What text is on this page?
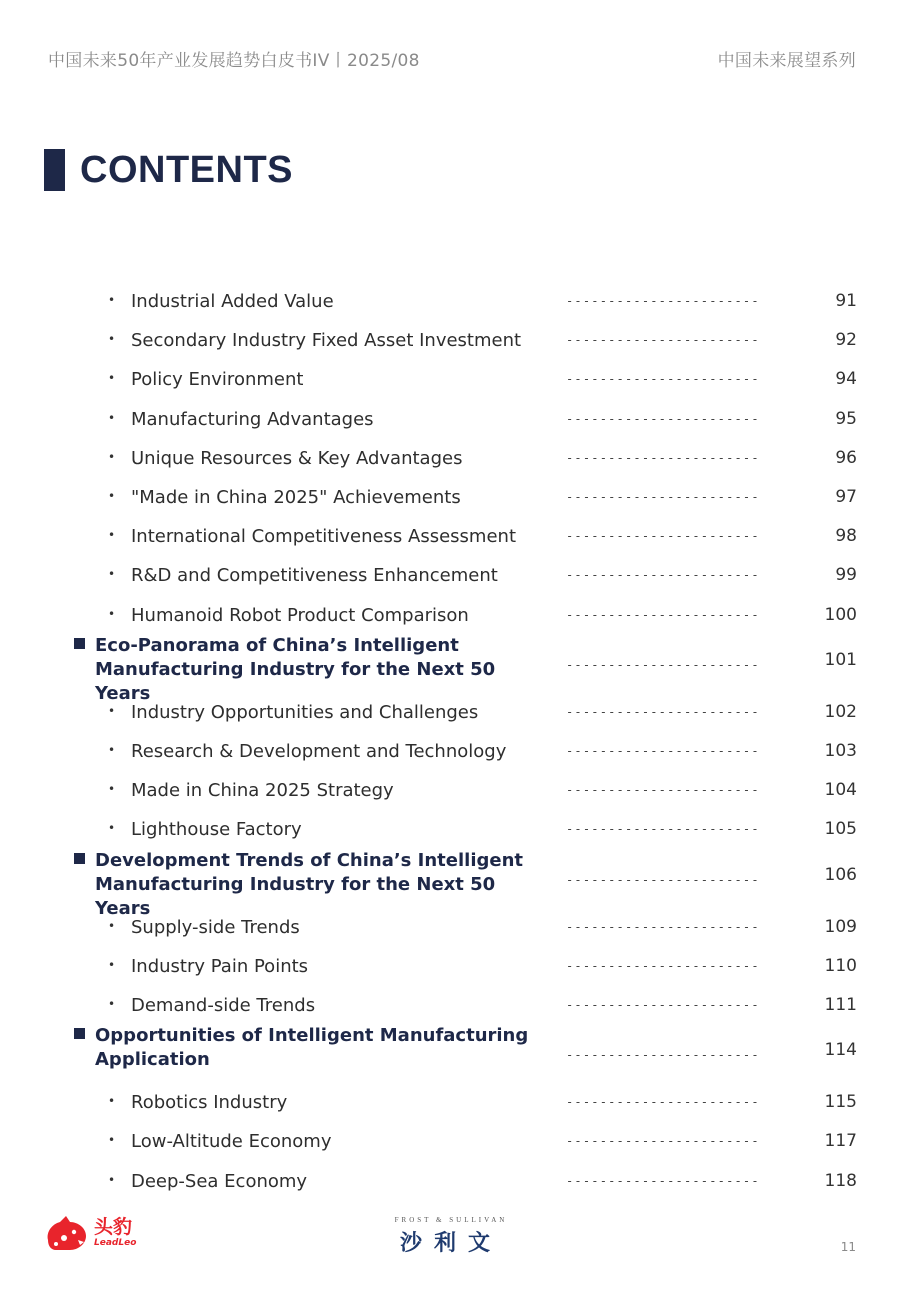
中国未来50年产业发展趋势白皮书IV丨2025/08	中国未来展望系列
CONTENTS
• Industrial Added Value	-----------------------	91
• Secondary Industry Fixed Asset Investment	-----------------------	92
• Policy Environment	-----------------------	94
• Manufacturing Advantages	-----------------------	95
• Unique Resources & Key Advantages	-----------------------	96
• "Made in China 2025" Achievements	-----------------------	97
• International Competitiveness Assessment	-----------------------	98
• R&D and Competitiveness Enhancement	-----------------------	99
• Humanoid Robot Product Comparison	-----------------------	100
Eco-Panorama of China’s Intelligent Manufacturing Industry for the Next 50 Years
-----------------------	101
• Industry Opportunities and Challenges	-----------------------	102
• Research & Development and Technology	-----------------------	103
• Made in China 2025 Strategy	-----------------------	104
• Lighthouse Factory	-----------------------	105
Development Trends of China’s Intelligent Manufacturing Industry for the Next 50 Years
-----------------------	106
• Supply-side Trends	-----------------------	109
• Industry Pain Points	-----------------------	110
• Demand-side Trends	-----------------------	111
Opportunities of Intelligent Manufacturing Application	-----------------------	114
• Robotics Industry	-----------------------	115
• Low-Altitude Economy	-----------------------	117
• Deep-Sea Economy	-----------------------	118
头豹
LeadLeo
FROST & SULLIVAN
沙利文	11
